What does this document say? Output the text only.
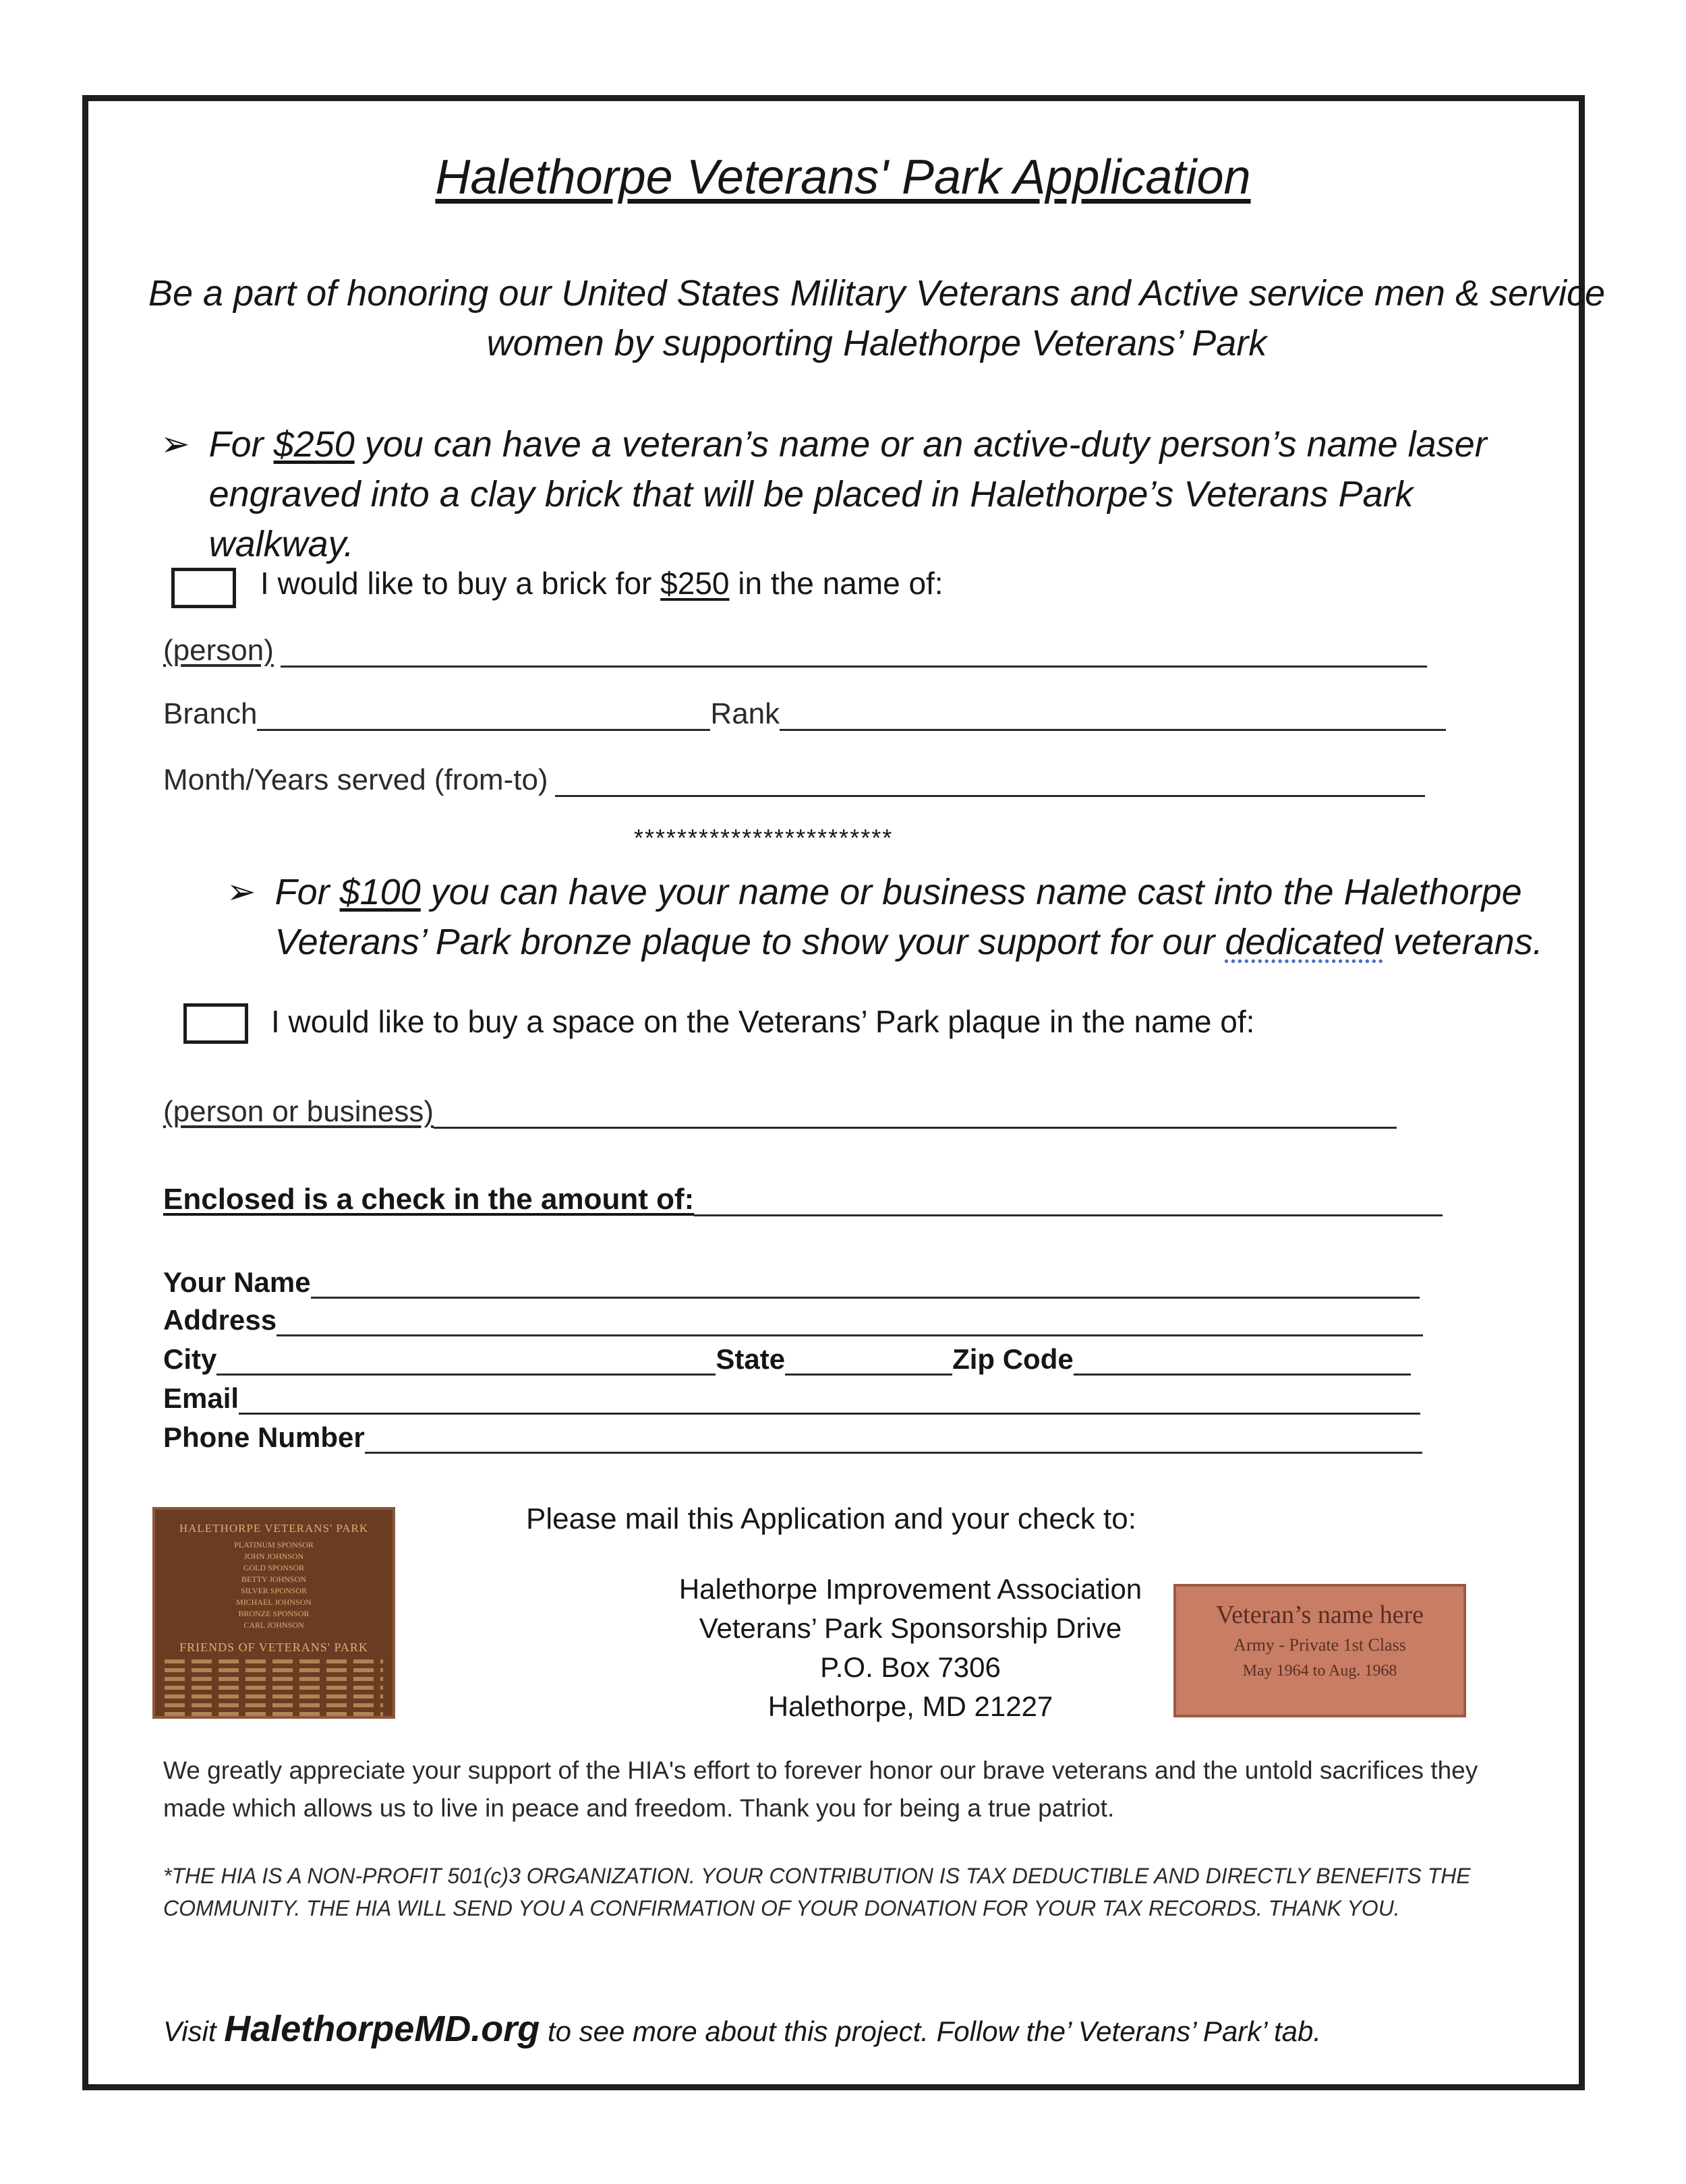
Halethorpe Veterans' Park Application
Be a part of honoring our United States Military Veterans and Active service men & service women by supporting Halethorpe Veterans’ Park
➢ For $250 you can have a veteran’s name or an active-duty person’s name laser engraved into a clay brick that will be placed in Halethorpe’s Veterans Park walkway.
I would like to buy a brick for $250 in the name of:
(person)
Branch	Rank
Month/Years served (from-to)
************************
➢ For $100 you can have your name or business name cast into the Halethorpe Veterans’ Park bronze plaque to show your support for our dedicated veterans.
I would like to buy a space on the Veterans’ Park plaque in the name of:
(person or business)
Enclosed is a check in the amount of:
Your Name
Address
City	State	Zip Code
Email
Phone Number
HALETHORPE VETERANS' PARK
PLATINUM SPONSOR
JOHN JOHNSON
GOLD SPONSOR
BETTY JOHNSON
SILVER SPONSOR
MICHAEL JOHNSON
BRONZE SPONSOR
CARL JOHNSON
FRIENDS OF VETERANS' PARK
Please mail this Application and your check to:
Halethorpe Improvement Association
Veterans’ Park Sponsorship Drive
P.O. Box 7306
Halethorpe, MD 21227
Veteran’s name here
Army - Private 1st Class
May 1964 to Aug. 1968
We greatly appreciate your support of the HIA's effort to forever honor our brave veterans and the untold sacrifices they made which allows us to live in peace and freedom. Thank you for being a true patriot.
*THE HIA IS A NON-PROFIT 501(c)3 ORGANIZATION. YOUR CONTRIBUTION IS TAX DEDUCTIBLE AND DIRECTLY BENEFITS THE COMMUNITY. THE HIA WILL SEND YOU A CONFIRMATION OF YOUR DONATION FOR YOUR TAX RECORDS. THANK YOU.
Visit HalethorpeMD.org to see more about this project. Follow the’ Veterans’ Park’ tab.
